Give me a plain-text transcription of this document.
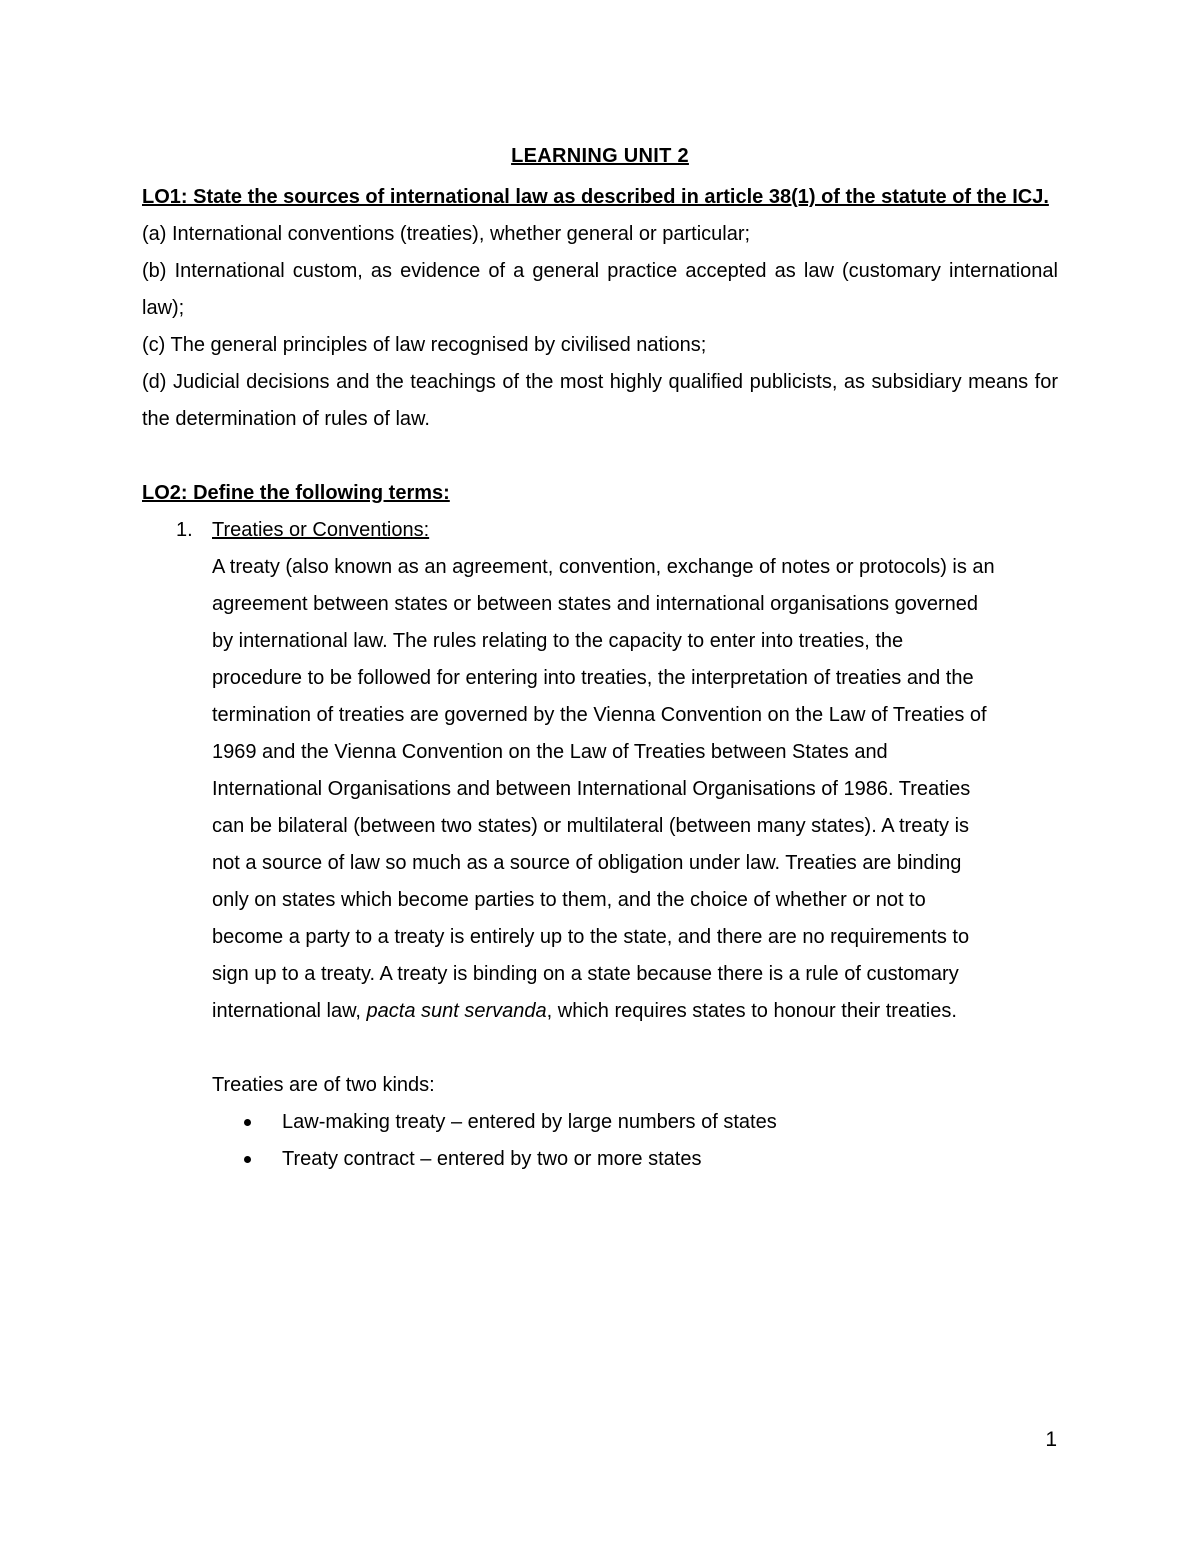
LEARNING UNIT 2

LO1: State the sources of international law as described in article 38(1) of the statute of the ICJ.

(a) International conventions (treaties), whether general or particular;

(b) International custom, as evidence of a general practice accepted as law (customary international law);

(c) The general principles of law recognised by civilised nations;

(d) Judicial decisions and the teachings of the most highly qualified publicists, as subsidiary means for the determination of rules of law.

LO2: Define the following terms:

1. Treaties or Conventions:
A treaty (also known as an agreement, convention, exchange of notes or protocols) is an
agreement between states or between states and international organisations governed
by international law. The rules relating to the capacity to enter into treaties, the
procedure to be followed for entering into treaties, the interpretation of treaties and the
termination of treaties are governed by the Vienna Convention on the Law of Treaties of
1969 and the Vienna Convention on the Law of Treaties between States and
International Organisations and between International Organisations of 1986. Treaties
can be bilateral (between two states) or multilateral (between many states). A treaty is
not a source of law so much as a source of obligation under law. Treaties are binding
only on states which become parties to them, and the choice of whether or not to
become a party to a treaty is entirely up to the state, and there are no requirements to
sign up to a treaty. A treaty is binding on a state because there is a rule of customary
international law, pacta sunt servanda, which requires states to honour their treaties.

Treaties are of two kinds:

Law-making treaty – entered by large numbers of states
Treaty contract – entered by two or more states
1
